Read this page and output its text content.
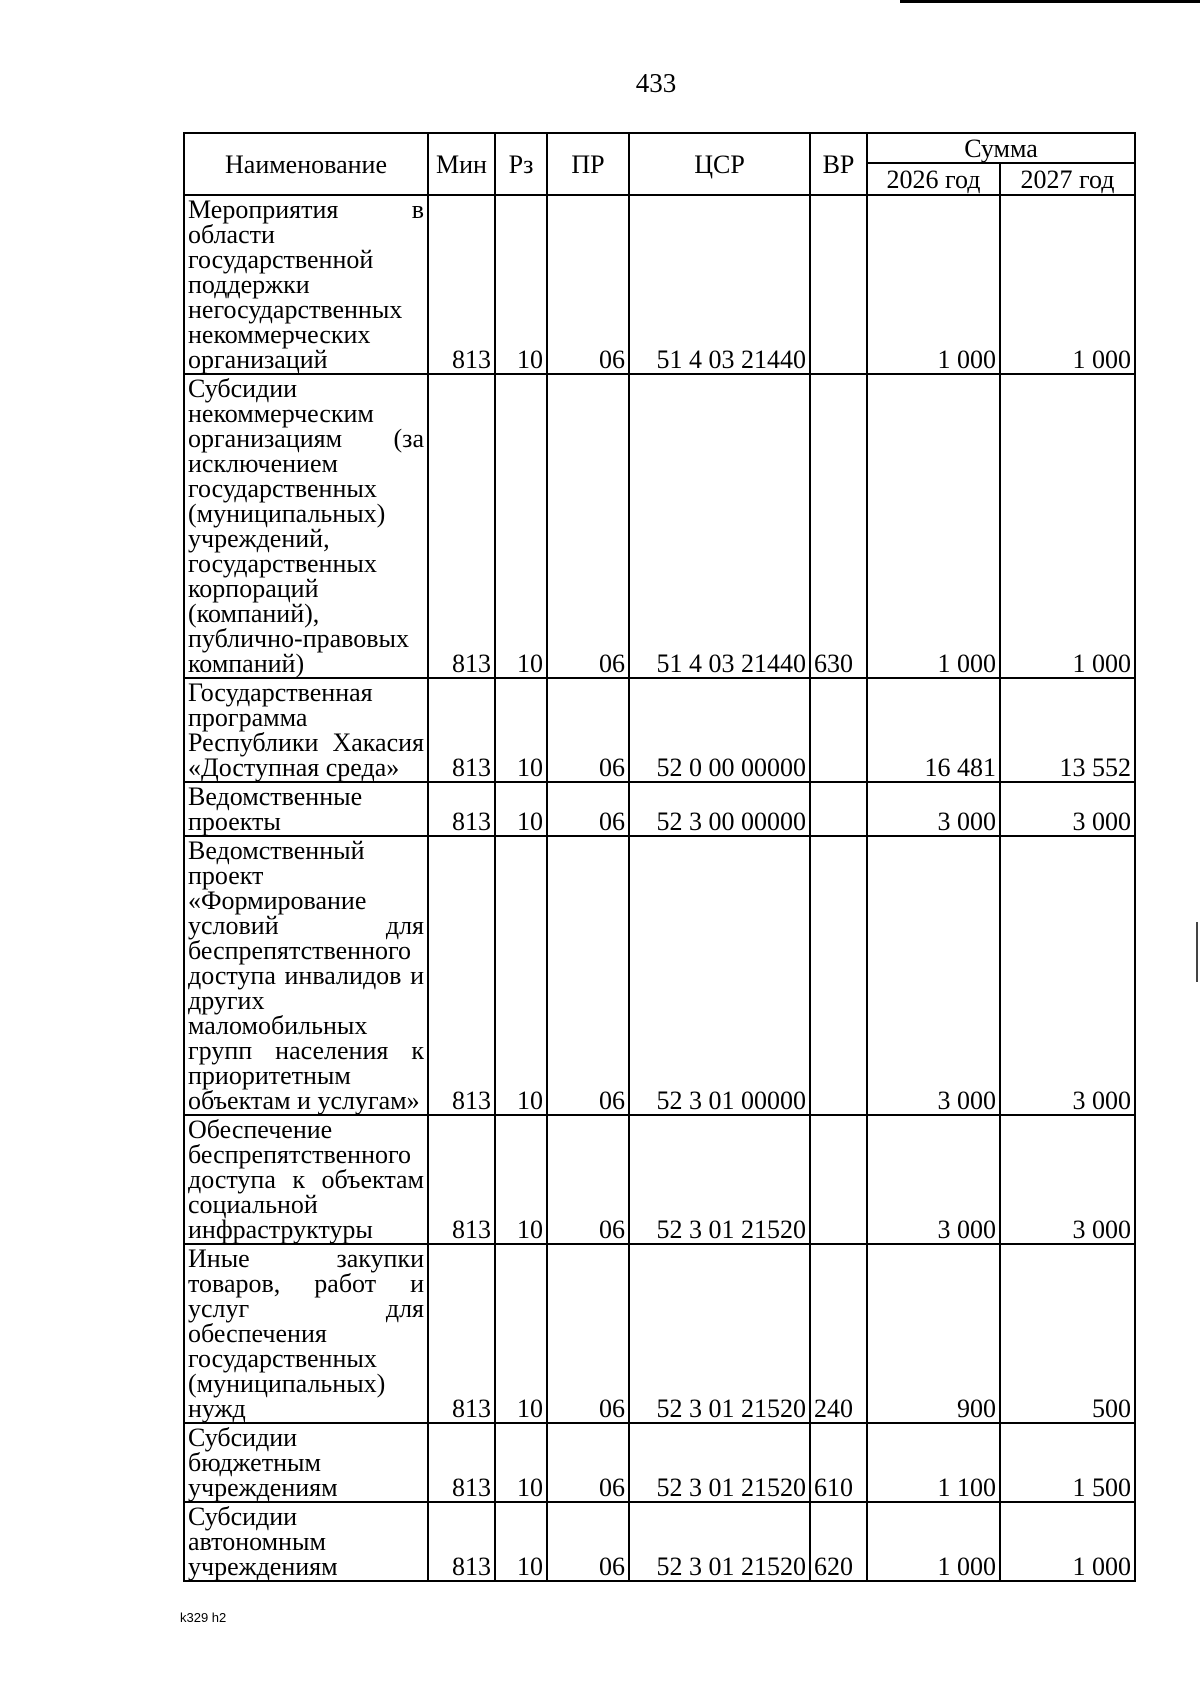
433
Наименование	Мин	Рз	ПР	ЦСР	ВР	Сумма	
						2026 год	2027 год
Мероприятия в области государственной поддержки негосударственных некоммерческих организаций	813	10	06	51 4 03 21440		1 000	1 000
Субсидии некоммерческим организациям (за исключением государственных (муниципальных) учреждений, государственных корпораций (компаний), публично-правовых компаний)	813	10	06	51 4 03 21440	630	1 000	1 000
Государственная программа Республики Хакасия «Доступная среда»	813	10	06	52 0 00 00000		16 481	13 552
Ведомственные проекты	813	10	06	52 3 00 00000		3 000	3 000
Ведомственный проект «Формирование условий для беспрепятственного доступа инвалидов и других маломобильных групп населения к приоритетным объектам и услугам»	813	10	06	52 3 01 00000		3 000	3 000
Обеспечение беспрепятственного доступа к объектам социальной инфраструктуры	813	10	06	52 3 01 21520		3 000	3 000
Иные закупки товаров, работ и услуг для обеспечения государственных (муниципальных) нужд	813	10	06	52 3 01 21520	240	900	500
Субсидии бюджетным учреждениям	813	10	06	52 3 01 21520	610	1 100	1 500
Субсидии автономным учреждениям	813	10	06	52 3 01 21520	620	1 000	1 000
k329 h2
